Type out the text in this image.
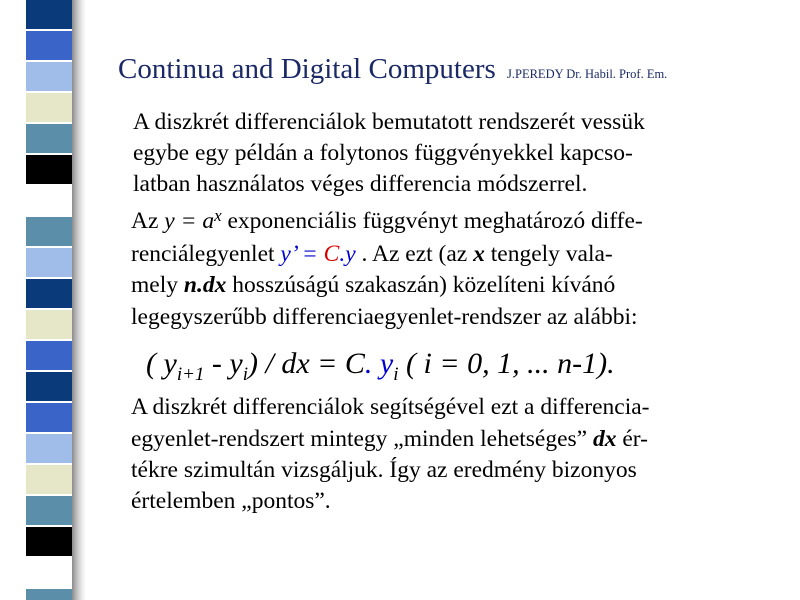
Continua and Digital Computers J.PEREDY Dr. Habil. Prof. Em.
A diszkrét differenciálok bemutatott rendszerét vessük
egybe egy példán a folytonos függvényekkel kapcso-
latban használatos véges differencia módszerrel.
Az $y = a^x$ exponenciális függvényt meghatározó diffe-
renciálegyenlet y’ = C.y . Az ezt (az x tengely vala-
mely n.dx hosszúságú szakaszán) közelíteni kívánó
legegyszerűbb differenciaegyenlet-rendszer az alábbi:
( $y_{i+1} - y_i$) / dx = C. $y_i$ ( i = 0, 1, ... n-1).
A diszkrét differenciálok segítségével ezt a differencia-
egyenlet-rendszert mintegy „minden lehetséges” dx ér-
tékre szimultán vizsgáljuk. Így az eredmény bizonyos
értelemben „pontos”.
